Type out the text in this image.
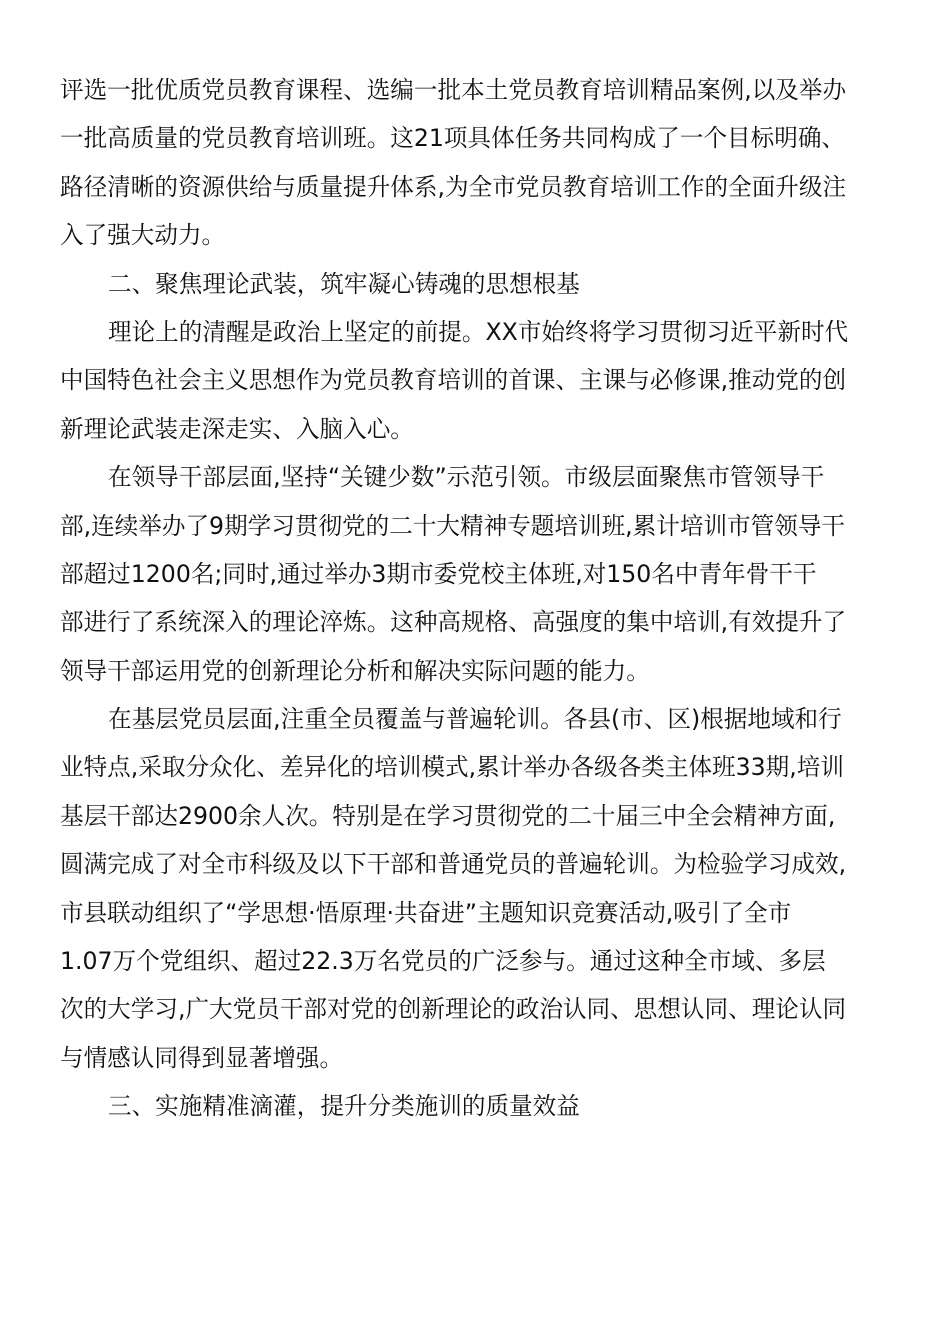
评选一批优质党员教育课程、选编一批本土党员教育培训精品案例,以及举办
一批高质量的党员教育培训班。这21项具体任务共同构成了一个目标明确、
路径清晰的资源供给与质量提升体系,为全市党员教育培训工作的全面升级注
入了强大动力。
二、聚焦理论武装，筑牢凝心铸魂的思想根基
理论上的清醒是政治上坚定的前提。XX市始终将学习贯彻习近平新时代
中国特色社会主义思想作为党员教育培训的首课、主课与必修课,推动党的创
新理论武装走深走实、入脑入心。
在领导干部层面,坚持“关键少数”示范引领。市级层面聚焦市管领导干
部,连续举办了9期学习贯彻党的二十大精神专题培训班,累计培训市管领导干
部超过1200名;同时,通过举办3期市委党校主体班,对150名中青年骨干干
部进行了系统深入的理论淬炼。这种高规格、高强度的集中培训,有效提升了
领导干部运用党的创新理论分析和解决实际问题的能力。
在基层党员层面,注重全员覆盖与普遍轮训。各县(市、区)根据地域和行
业特点,采取分众化、差异化的培训模式,累计举办各级各类主体班33期,培训
基层干部达2900余人次。特别是在学习贯彻党的二十届三中全会精神方面,
圆满完成了对全市科级及以下干部和普通党员的普遍轮训。为检验学习成效,
市县联动组织了“学思想·悟原理·共奋进”主题知识竞赛活动,吸引了全市
1.07万个党组织、超过22.3万名党员的广泛参与。通过这种全市域、多层
次的大学习,广大党员干部对党的创新理论的政治认同、思想认同、理论认同
与情感认同得到显著增强。
三、实施精准滴灌，提升分类施训的质量效益
